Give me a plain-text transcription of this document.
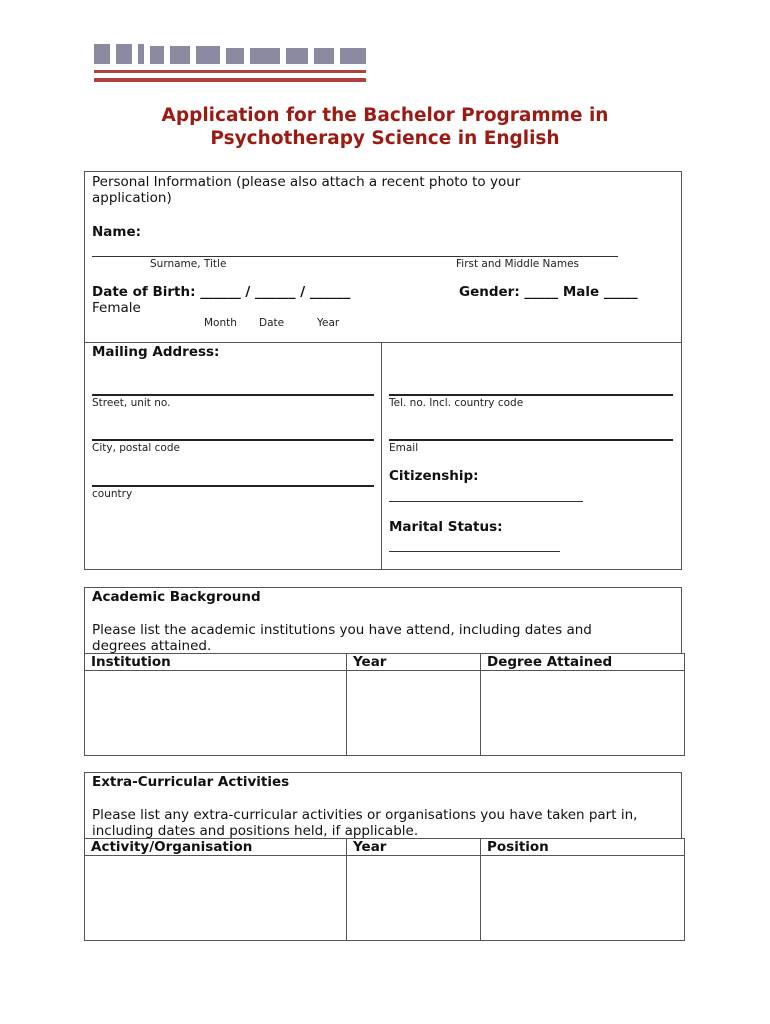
Application for the Bachelor Programme in
Psychotherapy Science in English
Personal Information (please also attach a recent photo to your
application)
Name:
Surname, Title	First and Middle Names
Date of Birth: ______ / ______ / ______
Female
Gender: _____ Male _____
Month Date	Year
Mailing Address:
Street, unit no.
City, postal code
country
Tel. no. Incl. country code
Email
Citizenship:
Marital Status:
Academic Background
Please list the academic institutions you have attend, including dates and
degrees attained.
Institution	Year	Degree Attained

Extra-Curricular Activities
Please list any extra-curricular activities or organisations you have taken part in,
including dates and positions held, if applicable.
Activity/Organisation	Year	Position
